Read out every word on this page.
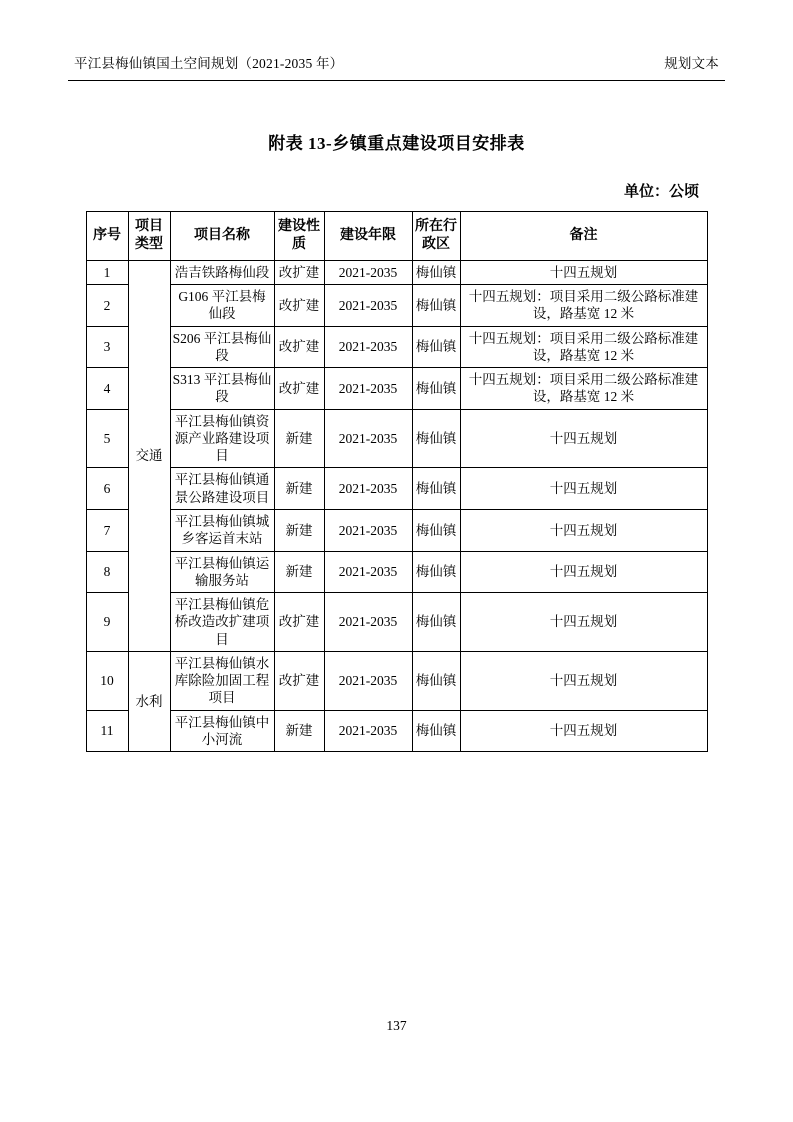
平江县梅仙镇国土空间规划（2021-2035 年）	规划文本
附表 13-乡镇重点建设项目安排表
单位：公顷
序号	项目类型	项目名称	建设性质	建设年限	所在行政区	备注
1	交通	浩吉铁路梅仙段	改扩建	2021-2035	梅仙镇	十四五规划
2		G106 平江县梅仙段	改扩建	2021-2035	梅仙镇	十四五规划：项目采用二级公路标准建设，路基宽 12 米
3		S206 平江县梅仙段	改扩建	2021-2035	梅仙镇	十四五规划：项目采用二级公路标准建设，路基宽 12 米
4		S313 平江县梅仙段	改扩建	2021-2035	梅仙镇	十四五规划：项目采用二级公路标准建设，路基宽 12 米
5		平江县梅仙镇资源产业路建设项目	新建	2021-2035	梅仙镇	十四五规划
6		平江县梅仙镇通景公路建设项目	新建	2021-2035	梅仙镇	十四五规划
7		平江县梅仙镇城乡客运首末站	新建	2021-2035	梅仙镇	十四五规划
8		平江县梅仙镇运输服务站	新建	2021-2035	梅仙镇	十四五规划
9		平江县梅仙镇危桥改造改扩建项目	改扩建	2021-2035	梅仙镇	十四五规划
10	水利	平江县梅仙镇水库除险加固工程项目	改扩建	2021-2035	梅仙镇	十四五规划
11		平江县梅仙镇中小河流	新建	2021-2035	梅仙镇	十四五规划
137
